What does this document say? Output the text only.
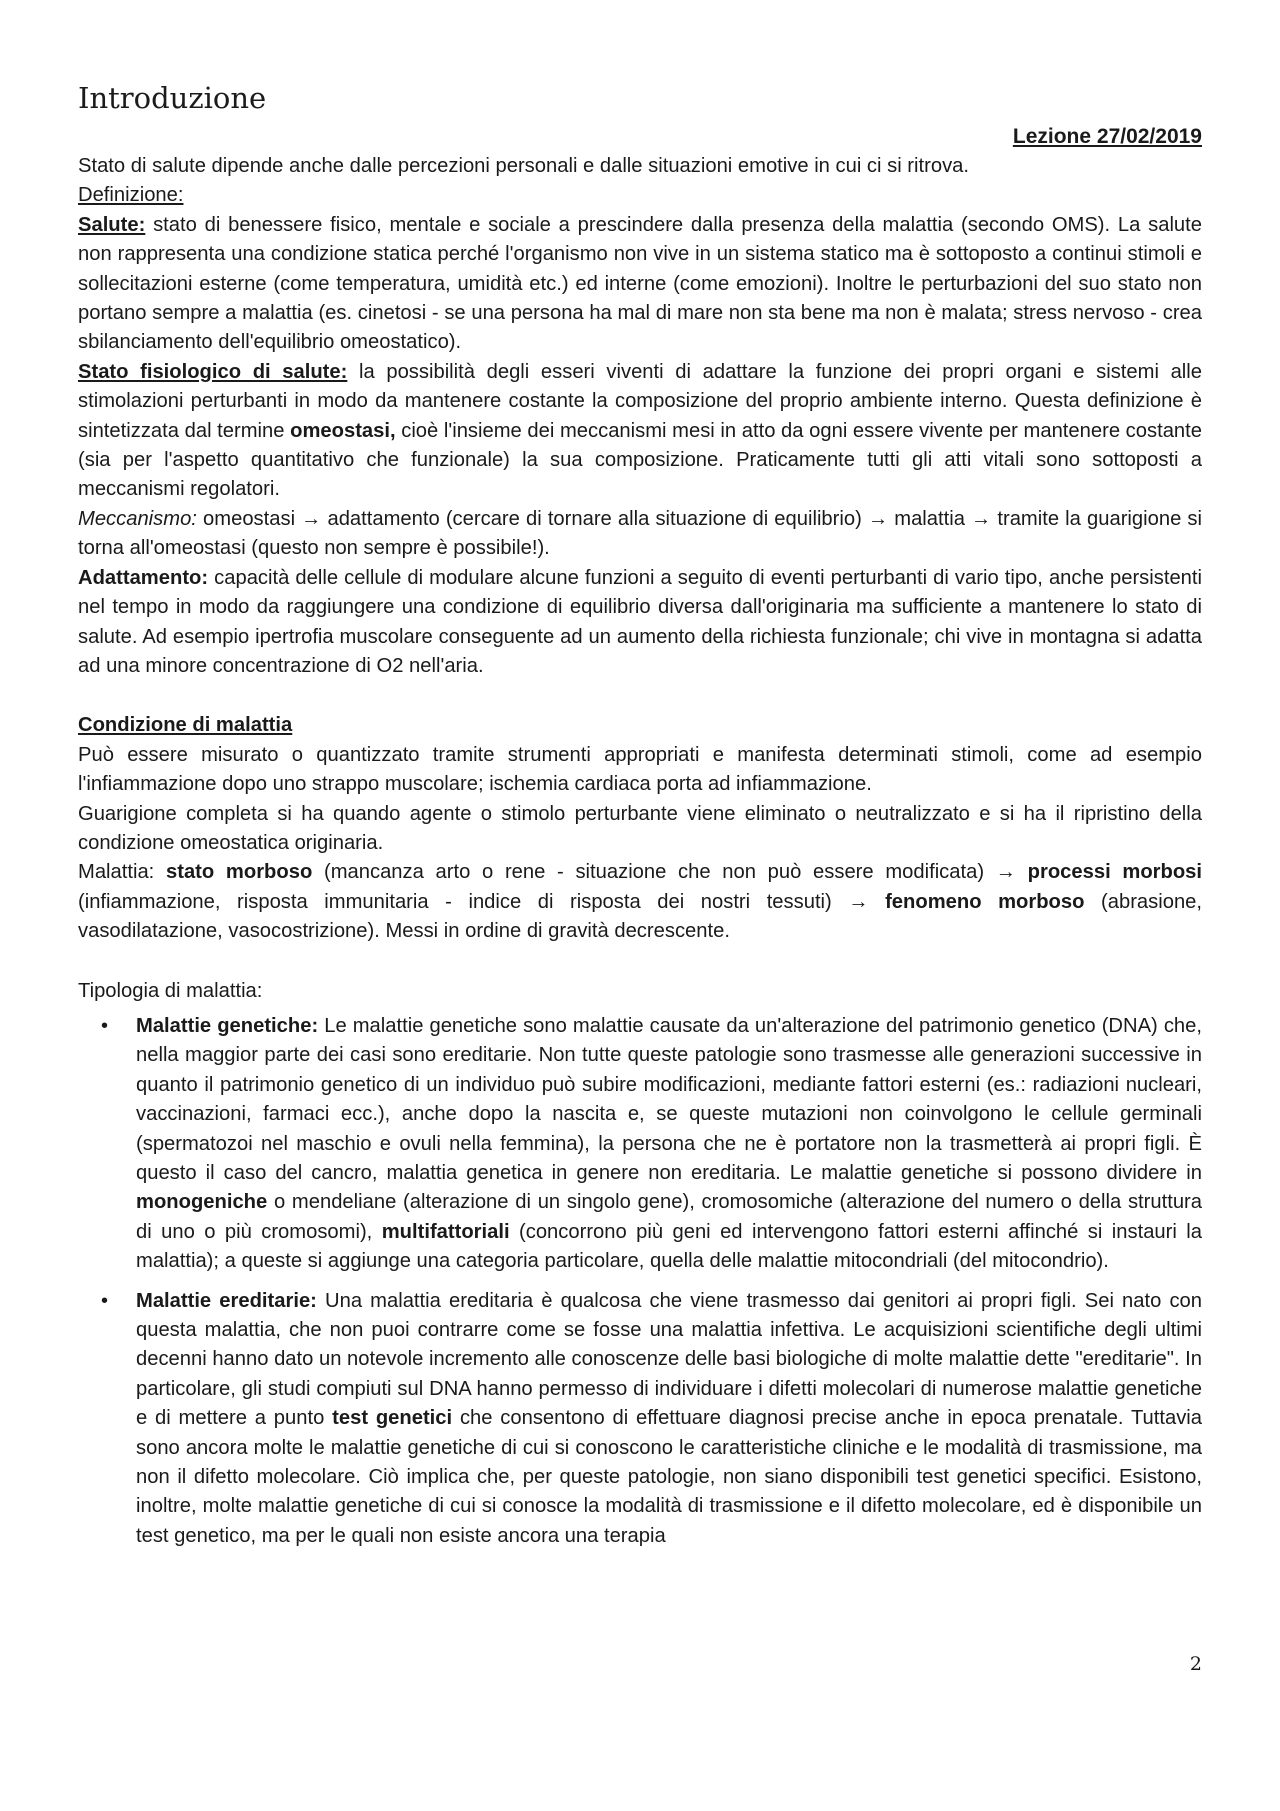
Introduzione
Lezione 27/02/2019

Stato di salute dipende anche dalle percezioni personali e dalle situazioni emotive in cui ci si ritrova.

Definizione:

Salute: stato di benessere fisico, mentale e sociale a prescindere dalla presenza della malattia (secondo OMS). La salute non rappresenta una condizione statica perché l'organismo non vive in un sistema statico ma è sottoposto a continui stimoli e sollecitazioni esterne (come temperatura, umidità etc.) ed interne (come emozioni). Inoltre le perturbazioni del suo stato non portano sempre a malattia (es. cinetosi - se una persona ha mal di mare non sta bene ma non è malata; stress nervoso - crea sbilanciamento dell'equilibrio omeostatico).

Stato fisiologico di salute: la possibilità degli esseri viventi di adattare la funzione dei propri organi e sistemi alle stimolazioni perturbanti in modo da mantenere costante la composizione del proprio ambiente interno. Questa definizione è sintetizzata dal termine omeostasi, cioè l'insieme dei meccanismi mesi in atto da ogni essere vivente per mantenere costante (sia per l'aspetto quantitativo che funzionale) la sua composizione. Praticamente tutti gli atti vitali sono sottoposti a meccanismi regolatori.

Meccanismo: omeostasi → adattamento (cercare di tornare alla situazione di equilibrio) → malattia → tramite la guarigione si torna all'omeostasi (questo non sempre è possibile!).

Adattamento: capacità delle cellule di modulare alcune funzioni a seguito di eventi perturbanti di vario tipo, anche persistenti nel tempo in modo da raggiungere una condizione di equilibrio diversa dall'originaria ma sufficiente a mantenere lo stato di salute. Ad esempio ipertrofia muscolare conseguente ad un aumento della richiesta funzionale; chi vive in montagna si adatta ad una minore concentrazione di O2 nell'aria.

Condizione di malattia

Può essere misurato o quantizzato tramite strumenti appropriati e manifesta determinati stimoli, come ad esempio l'infiammazione dopo uno strappo muscolare; ischemia cardiaca porta ad infiammazione.

Guarigione completa si ha quando agente o stimolo perturbante viene eliminato o neutralizzato e si ha il ripristino della condizione omeostatica originaria.

Malattia: stato morboso (mancanza arto o rene - situazione che non può essere modificata) → processi morbosi (infiammazione, risposta immunitaria - indice di risposta dei nostri tessuti) → fenomeno morboso (abrasione, vasodilatazione, vasocostrizione). Messi in ordine di gravità decrescente.

Tipologia di malattia:

• Malattie genetiche: Le malattie genetiche sono malattie causate da un'alterazione del patrimonio genetico (DNA) che, nella maggior parte dei casi sono ereditarie. Non tutte queste patologie sono trasmesse alle generazioni successive in quanto il patrimonio genetico di un individuo può subire modificazioni, mediante fattori esterni (es.: radiazioni nucleari, vaccinazioni, farmaci ecc.), anche dopo la nascita e, se queste mutazioni non coinvolgono le cellule germinali (spermatozoi nel maschio e ovuli nella femmina), la persona che ne è portatore non la trasmetterà ai propri figli. È questo il caso del cancro, malattia genetica in genere non ereditaria. Le malattie genetiche si possono dividere in monogeniche o mendeliane (alterazione di un singolo gene), cromosomiche (alterazione del numero o della struttura di uno o più cromosomi), multifattoriali (concorrono più geni ed intervengono fattori esterni affinché si instauri la malattia); a queste si aggiunge una categoria particolare, quella delle malattie mitocondriali (del mitocondrio).
• Malattie ereditarie: Una malattia ereditaria è qualcosa che viene trasmesso dai genitori ai propri figli. Sei nato con questa malattia, che non puoi contrarre come se fosse una malattia infettiva. Le acquisizioni scientifiche degli ultimi decenni hanno dato un notevole incremento alle conoscenze delle basi biologiche di molte malattie dette "ereditarie". In particolare, gli studi compiuti sul DNA hanno permesso di individuare i difetti molecolari di numerose malattie genetiche e di mettere a punto test genetici che consentono di effettuare diagnosi precise anche in epoca prenatale. Tuttavia sono ancora molte le malattie genetiche di cui si conoscono le caratteristiche cliniche e le modalità di trasmissione, ma non il difetto molecolare. Ciò implica che, per queste patologie, non siano disponibili test genetici specifici. Esistono, inoltre, molte malattie genetiche di cui si conosce la modalità di trasmissione e il difetto molecolare, ed è disponibile un test genetico, ma per le quali non esiste ancora una terapia
2
